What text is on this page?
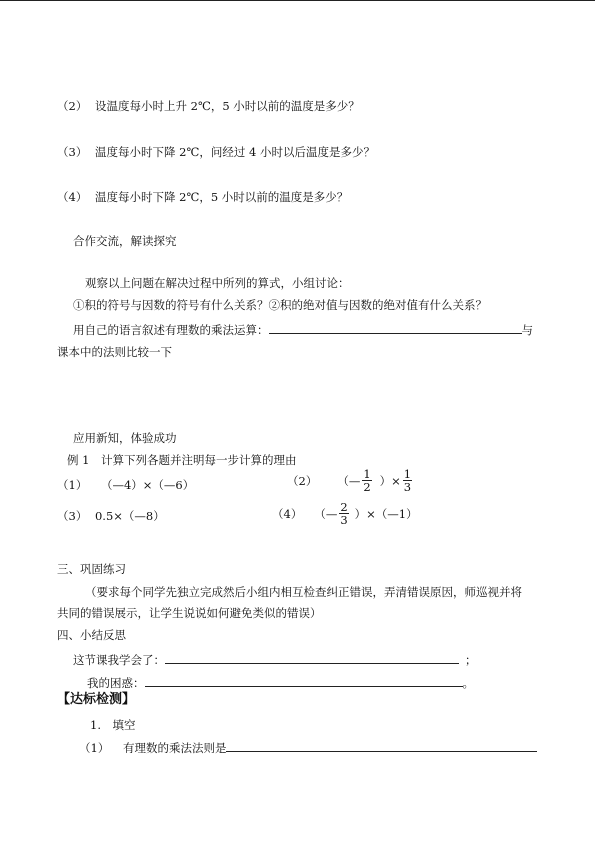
（2） 设温度每小时上升 2℃，5 小时以前的温度是多少？
（3） 温度每小时下降 2℃，问经过 4 小时以后温度是多少？
（4） 温度每小时下降 2℃，5 小时以前的温度是多少？
合作交流，解读探究
观察以上问题在解决过程中所列的算式，小组讨论：
①积的符号与因数的符号有什么关系？②积的绝对值与因数的绝对值有什么关系？
用自己的语言叙述有理数的乘法运算：	与
课本中的法则比较一下
应用新知，体验成功
例 1　计算下列各题并注明每一步计算的理由
（1） （—4）×（—6）	（2） （— $\frac{1}{2}$ ）× $\frac{1}{3}$
（3） 0.5×（—8）	（4） （— $\frac{2}{3}$ ）×（—1）
三、巩固练习
（要求每个同学先独立完成然后小组内相互检查纠正错误，弄清错误原因，师巡视并将
共同的错误展示，让学生说说如何避免类似的错误）
四、小结反思
这节课我学会了：	；
我的困惑：	。
【达标检测】
1.　填空
（1） 有理数的乘法法则是
